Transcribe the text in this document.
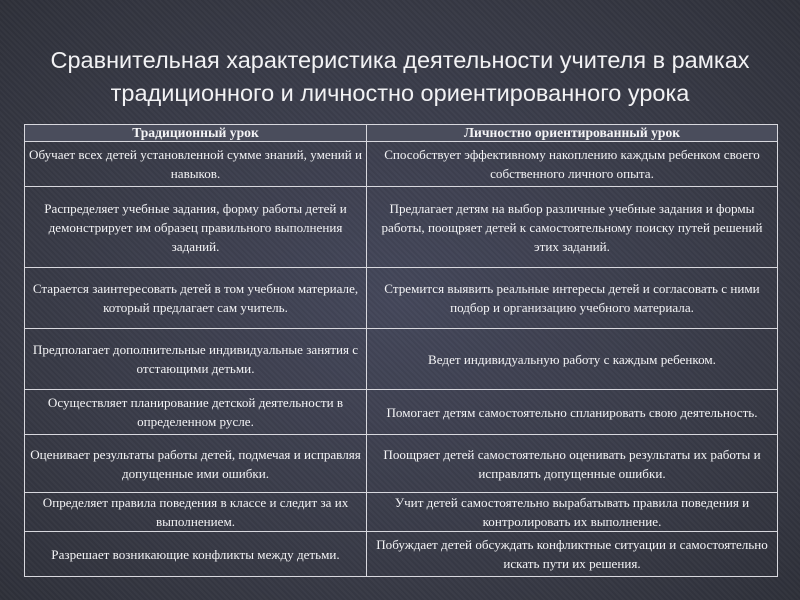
Сравнительная характеристика деятельности учителя в рамках традиционного и личностно ориентированного урока
Традиционный урок	Личностно ориентированный урок
Обучает всех детей установленной сумме знаний, умений и навыков.	Способствует эффективному накоплению каждым ребенком своего собственного личного опыта.
Распределяет учебные задания, форму работы детей и демонстрирует им образец правильного выполнения заданий.	Предлагает детям на выбор различные учебные задания и формы работы, поощряет детей к самостоятельному поиску путей решений этих заданий.
Старается заинтересовать детей в том учебном материале, который предлагает сам учитель.	Стремится выявить реальные интересы детей и согласовать с ними подбор и организацию учебного материала.
Предполагает дополнительные индивидуальные занятия с отстающими детьми.	Ведет индивидуальную работу с каждым ребенком.
Осуществляет планирование детской деятельности в определенном русле.	Помогает детям самостоятельно спланировать свою деятельность.
Оценивает результаты работы детей, подмечая и исправляя допущенные ими ошибки.	Поощряет детей самостоятельно оценивать результаты их работы и исправлять допущенные ошибки.
Определяет правила поведения в классе и следит за их выполнением.	Учит детей самостоятельно вырабатывать правила поведения и контролировать их выполнение.
Разрешает возникающие конфликты между детьми.	Побуждает детей обсуждать конфликтные ситуации и самостоятельно искать пути их решения.
